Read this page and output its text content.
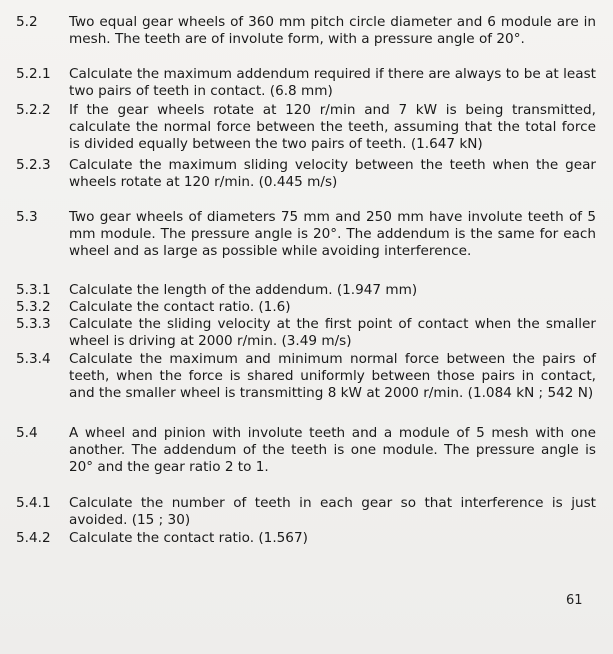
5.2	Two equal gear wheels of 360 mm pitch circle diameter and 6 module are in mesh. The teeth are of involute form, with a pressure angle of 20°.
5.2.1	Calculate the maximum addendum required if there are always to be at least two pairs of teeth in contact. (6.8 mm)
5.2.2	If the gear wheels rotate at 120 r/min and 7 kW is being transmitted, calculate the normal force between the teeth, assuming that the total force is divided equally between the two pairs of teeth. (1.647 kN)
5.2.3	Calculate the maximum sliding velocity between the teeth when the gear wheels rotate at 120 r/min. (0.445 m/s)
5.3	Two gear wheels of diameters 75 mm and 250 mm have involute teeth of 5 mm module. The pressure angle is 20°. The addendum is the same for each wheel and as large as possible while avoiding interference.
5.3.1	Calculate the length of the addendum. (1.947 mm)
5.3.2	Calculate the contact ratio. (1.6)
5.3.3	Calculate the sliding velocity at the first point of contact when the smaller wheel is driving at 2000 r/min. (3.49 m/s)
5.3.4	Calculate the maximum and minimum normal force between the pairs of teeth, when the force is shared uniformly between those pairs in contact, and the smaller wheel is transmitting 8 kW at 2000 r/min. (1.084 kN ; 542 N)
5.4	A wheel and pinion with involute teeth and a module of 5 mesh with one another. The addendum of the teeth is one module. The pressure angle is 20° and the gear ratio 2 to 1.
5.4.1	Calculate the number of teeth in each gear so that interference is just avoided. (15 ; 30)
5.4.2	Calculate the contact ratio. (1.567)
61
